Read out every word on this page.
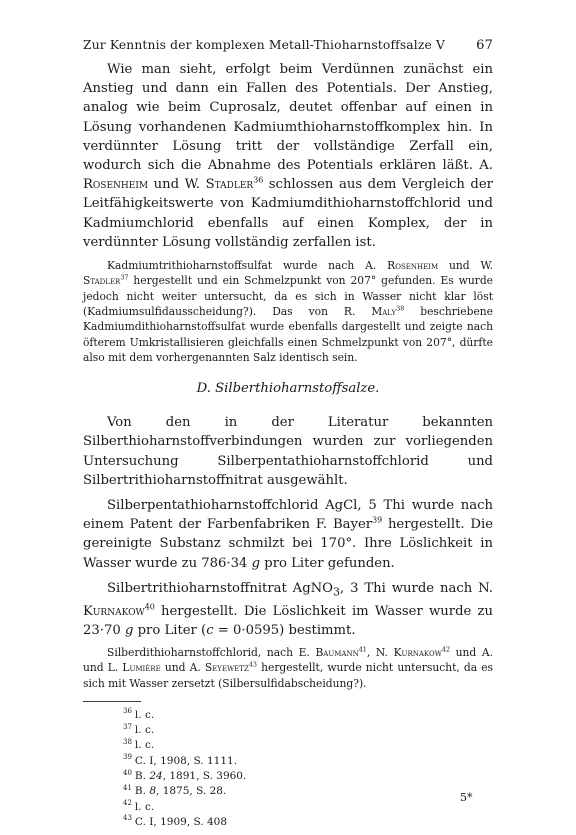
Zur Kenntnis der komplexen Metall-Thioharnstoffsalze V 67

Wie man sieht, erfolgt beim Verdünnen zunächst ein Anstieg und dann ein Fallen des Potentials. Der Anstieg, analog wie beim Cuprosalz, deutet offenbar auf einen in Lösung vorhandenen Kadmiumthioharnstoffkomplex hin. In verdünnter Lösung tritt der vollständige Zerfall ein, wodurch sich die Abnahme des Potentials erklären läßt. A. Rosenheim und W. Stadler$^{36}$ schlossen aus dem Vergleich der Leitfähigkeitswerte von Kadmiumdithioharnstoffchlorid und Kadmiumchlorid ebenfalls auf einen Komplex, der in verdünnter Lösung vollständig zerfallen ist.

Kadmiumtrithioharnstoffsulfat wurde nach A. Rosenheim und W. Stadler$^{37}$ hergestellt und ein Schmelzpunkt von 207° gefunden. Es wurde jedoch nicht weiter untersucht, da es sich in Wasser nicht klar löst (Kadmiumsulfidausscheidung?). Das von R. Maly$^{38}$ beschriebene Kadmiumdithioharnstoffsulfat wurde ebenfalls dargestellt und zeigte nach öfterem Umkristallisieren gleichfalls einen Schmelzpunkt von 207°, dürfte also mit dem vorhergenannten Salz identisch sein.

D. Silberthioharnstoffsalze.

Von den in der Literatur bekannten Silberthioharnstoffverbindungen wurden zur vorliegenden Untersuchung Silberpentathioharnstoffchlorid und Silbertrithioharnstoffnitrat ausgewählt.

Silberpentathioharnstoffchlorid AgCl, 5 Thi wurde nach einem Patent der Farbenfabriken F. Bayer$^{39}$ hergestellt. Die gereinigte Substanz schmilzt bei 170°. Ihre Löslichkeit in Wasser wurde zu 786·34 g pro Liter gefunden.

Silbertrithioharnstoffnitrat AgNO$_3$, 3 Thi wurde nach N. Kurnakow$^{40}$ hergestellt. Die Löslichkeit im Wasser wurde zu 23·70 g pro Liter (c = 0·0595) bestimmt.

Silberdithioharnstoffchlorid, nach E. Baumann$^{41}$, N. Kurnakow$^{42}$ und A. und L. Lumière und A. Seyewetz$^{43}$ hergestellt, wurde nicht untersucht, da es sich mit Wasser zersetzt (Silbersulfidabscheidung?).

$^{36}$ l. c.
$^{37}$ l. c.
$^{38}$ l. c.
$^{39}$ C. I, 1908, S. 1111.
$^{40}$ B. 24, 1891, S. 3960.
$^{41}$ B. 8, 1875, S. 28.
$^{42}$ l. c.
$^{43}$ C. I, 1909, S. 408
5*
